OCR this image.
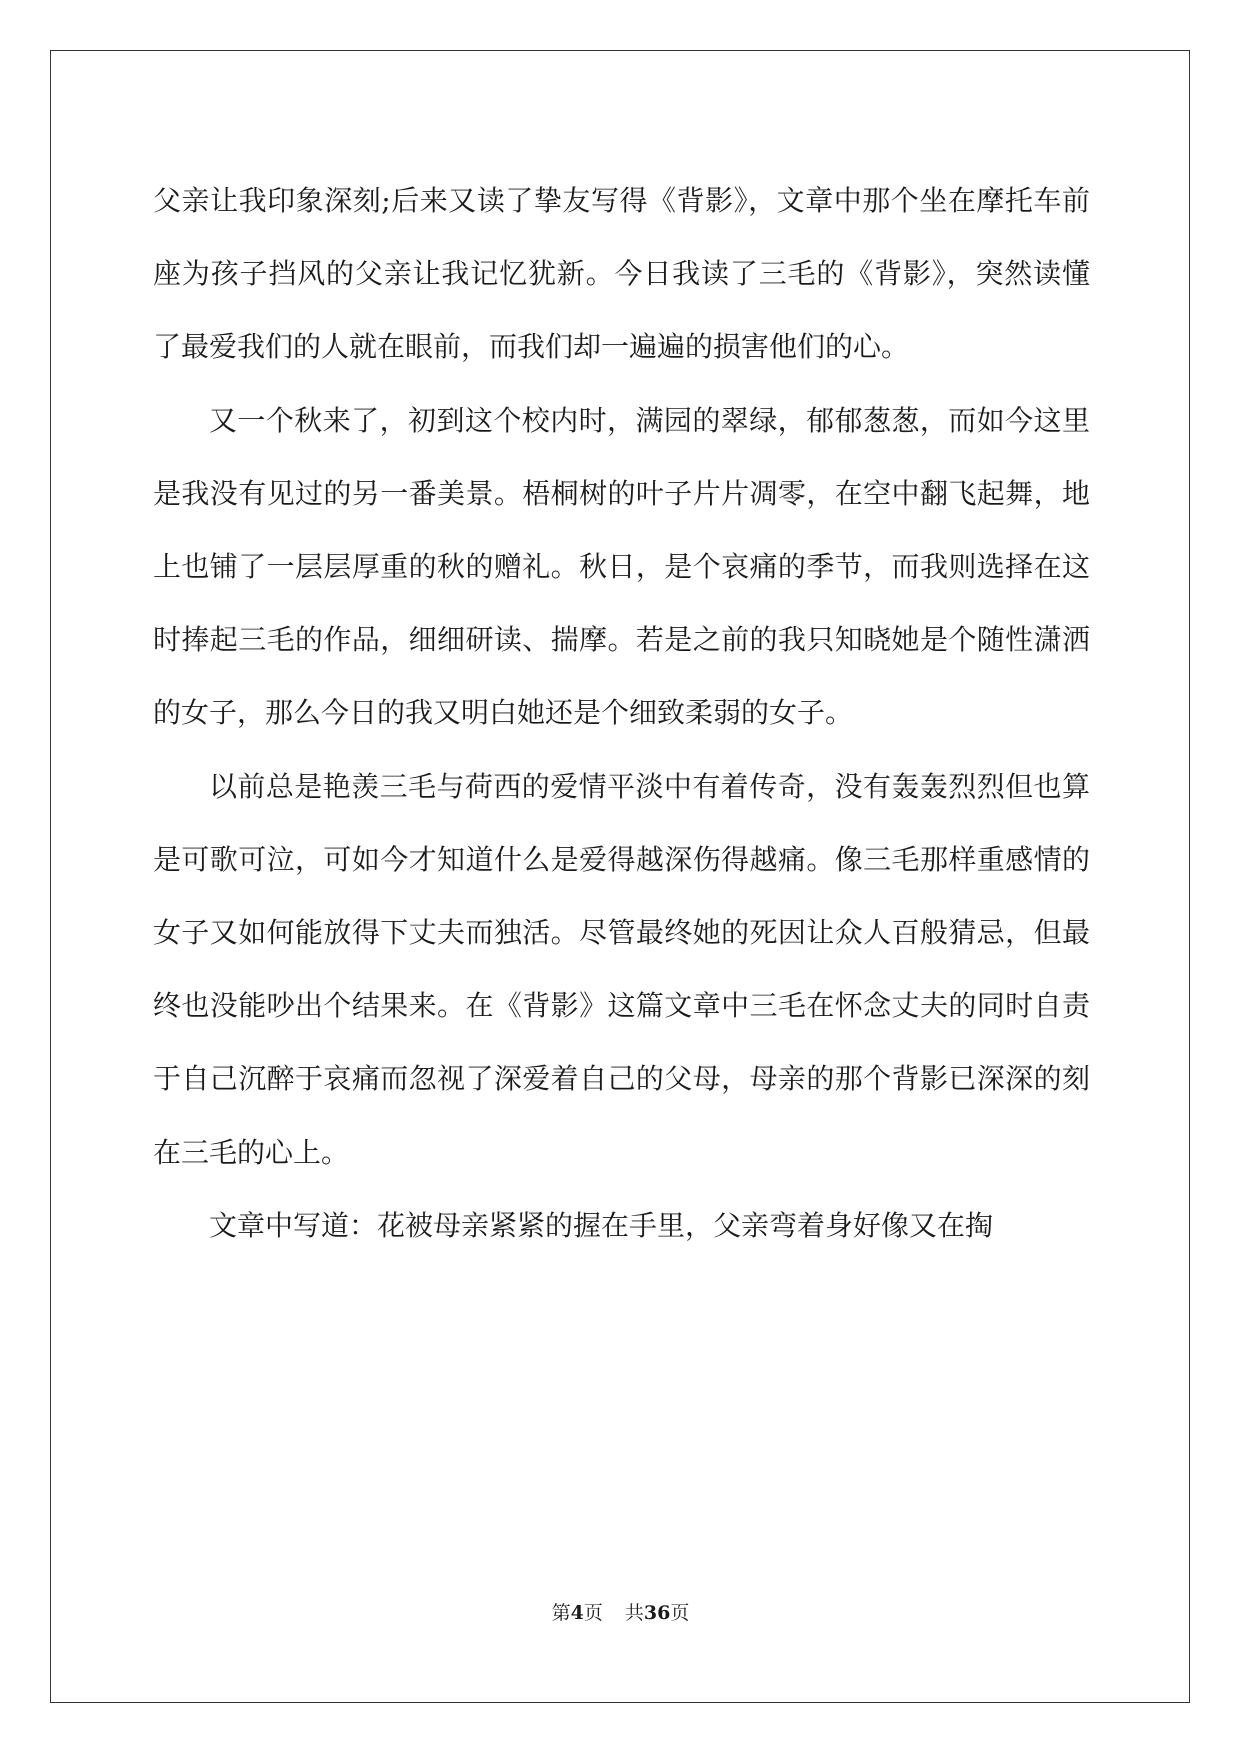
父亲让我印象深刻;后来又读了挚友写得《背影》，文章中那个坐在摩托车前座为孩子挡风的父亲让我记忆犹新。今日我读了三毛的《背影》，突然读懂了最爱我们的人就在眼前，而我们却一遍遍的损害他们的心。

又一个秋来了，初到这个校内时，满园的翠绿，郁郁葱葱，而如今这里是我没有见过的另一番美景。梧桐树的叶子片片凋零，在空中翻飞起舞，地上也铺了一层层厚重的秋的赠礼。秋日，是个哀痛的季节，而我则选择在这时捧起三毛的作品，细细研读、揣摩。若是之前的我只知晓她是个随性潇洒的女子，那么今日的我又明白她还是个细致柔弱的女子。

以前总是艳羡三毛与荷西的爱情平淡中有着传奇，没有轰轰烈烈但也算是可歌可泣，可如今才知道什么是爱得越深伤得越痛。像三毛那样重感情的女子又如何能放得下丈夫而独活。尽管最终她的死因让众人百般猜忌，但最终也没能吵出个结果来。在《背影》这篇文章中三毛在怀念丈夫的同时自责于自己沉醉于哀痛而忽视了深爱着自己的父母，母亲的那个背影已深深的刻在三毛的心上。

文章中写道：花被母亲紧紧的握在手里，父亲弯着身好像又在掏

第4页 共36页
